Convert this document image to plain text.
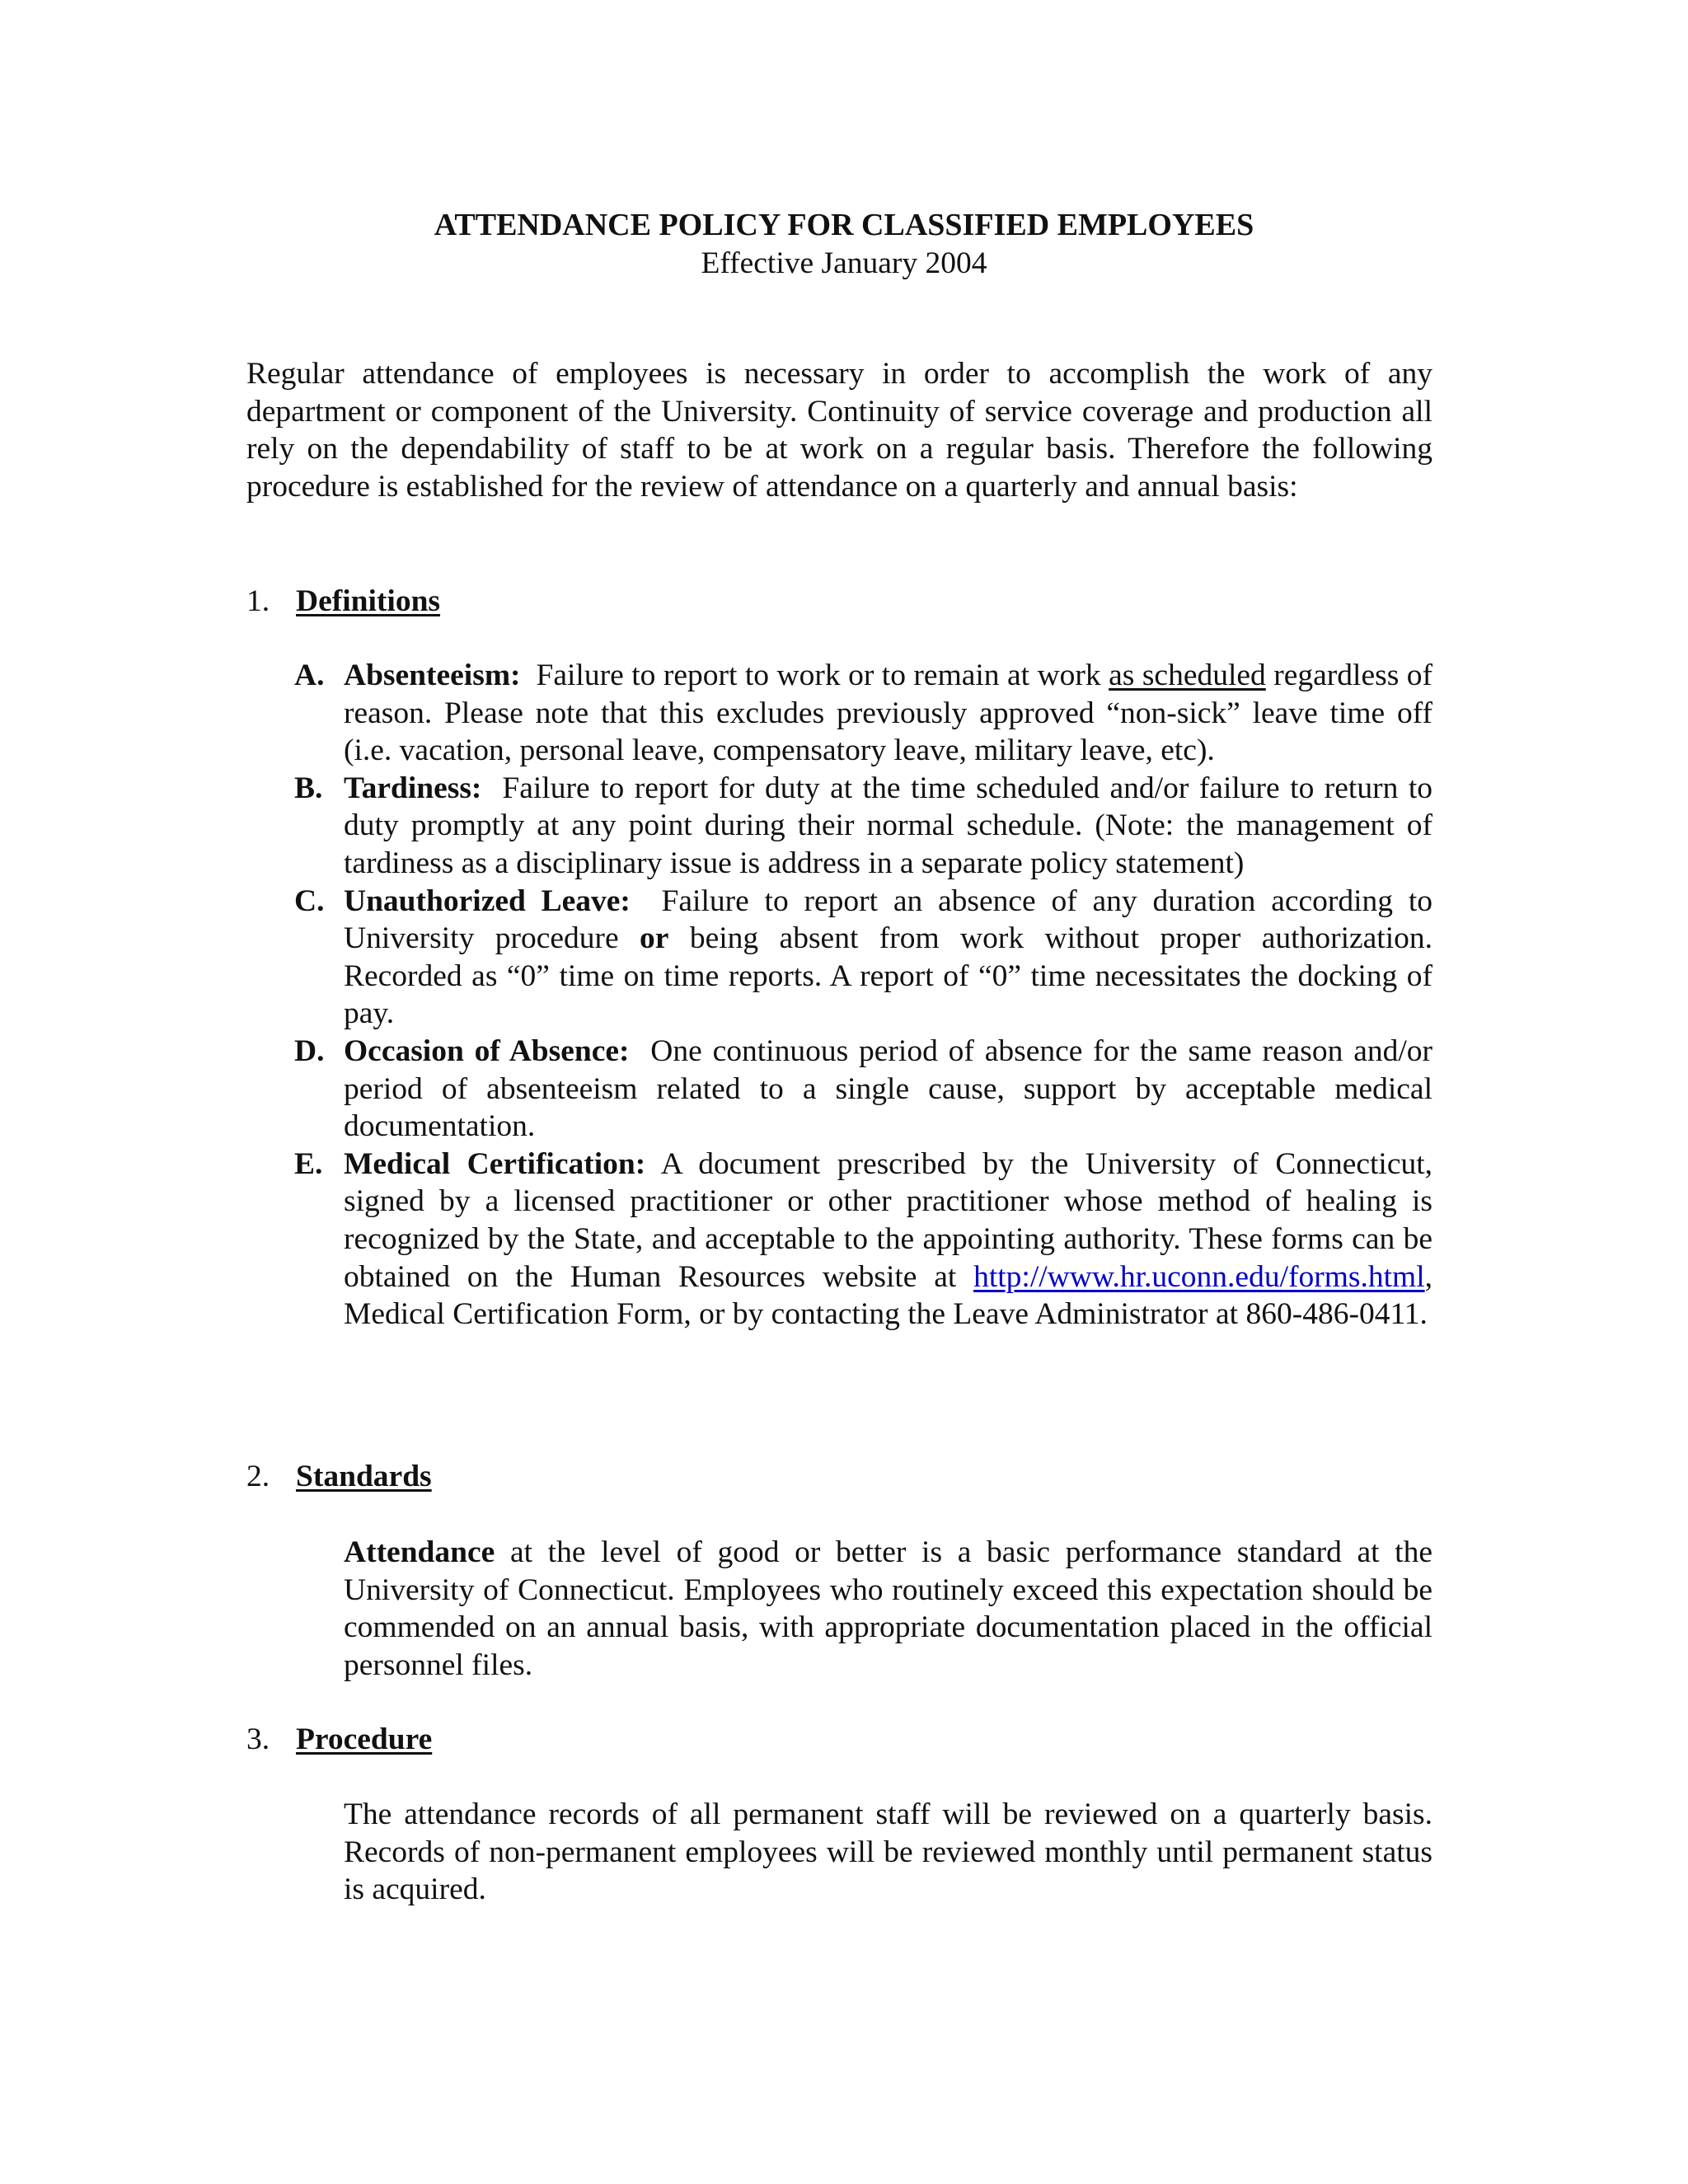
ATTENDANCE POLICY FOR CLASSIFIED EMPLOYEES
Effective January 2004
Regular attendance of employees is necessary in order to accomplish the work of any department or component of the University. Continuity of service coverage and production all rely on the dependability of staff to be at work on a regular basis. Therefore the following procedure is established for the review of attendance on a quarterly and annual basis:
1. Definitions
A. Absenteeism: Failure to report to work or to remain at work as scheduled regardless of reason. Please note that this excludes previously approved “non-sick” leave time off (i.e. vacation, personal leave, compensatory leave, military leave, etc).
B. Tardiness: Failure to report for duty at the time scheduled and/or failure to return to duty promptly at any point during their normal schedule. (Note: the management of tardiness as a disciplinary issue is address in a separate policy statement)
C. Unauthorized Leave: Failure to report an absence of any duration according to University procedure or being absent from work without proper authorization. Recorded as “0” time on time reports. A report of “0” time necessitates the docking of pay.
D. Occasion of Absence: One continuous period of absence for the same reason and/or period of absenteeism related to a single cause, support by acceptable medical documentation.
E. Medical Certification: A document prescribed by the University of Connecticut, signed by a licensed practitioner or other practitioner whose method of healing is recognized by the State, and acceptable to the appointing authority. These forms can be obtained on the Human Resources website at http://www.hr.uconn.edu/forms.html, Medical Certification Form, or by contacting the Leave Administrator at 860-486-0411.
2. Standards
Attendance at the level of good or better is a basic performance standard at the University of Connecticut. Employees who routinely exceed this expectation should be commended on an annual basis, with appropriate documentation placed in the official personnel files.
3. Procedure
The attendance records of all permanent staff will be reviewed on a quarterly basis. Records of non-permanent employees will be reviewed monthly until permanent status is acquired.
